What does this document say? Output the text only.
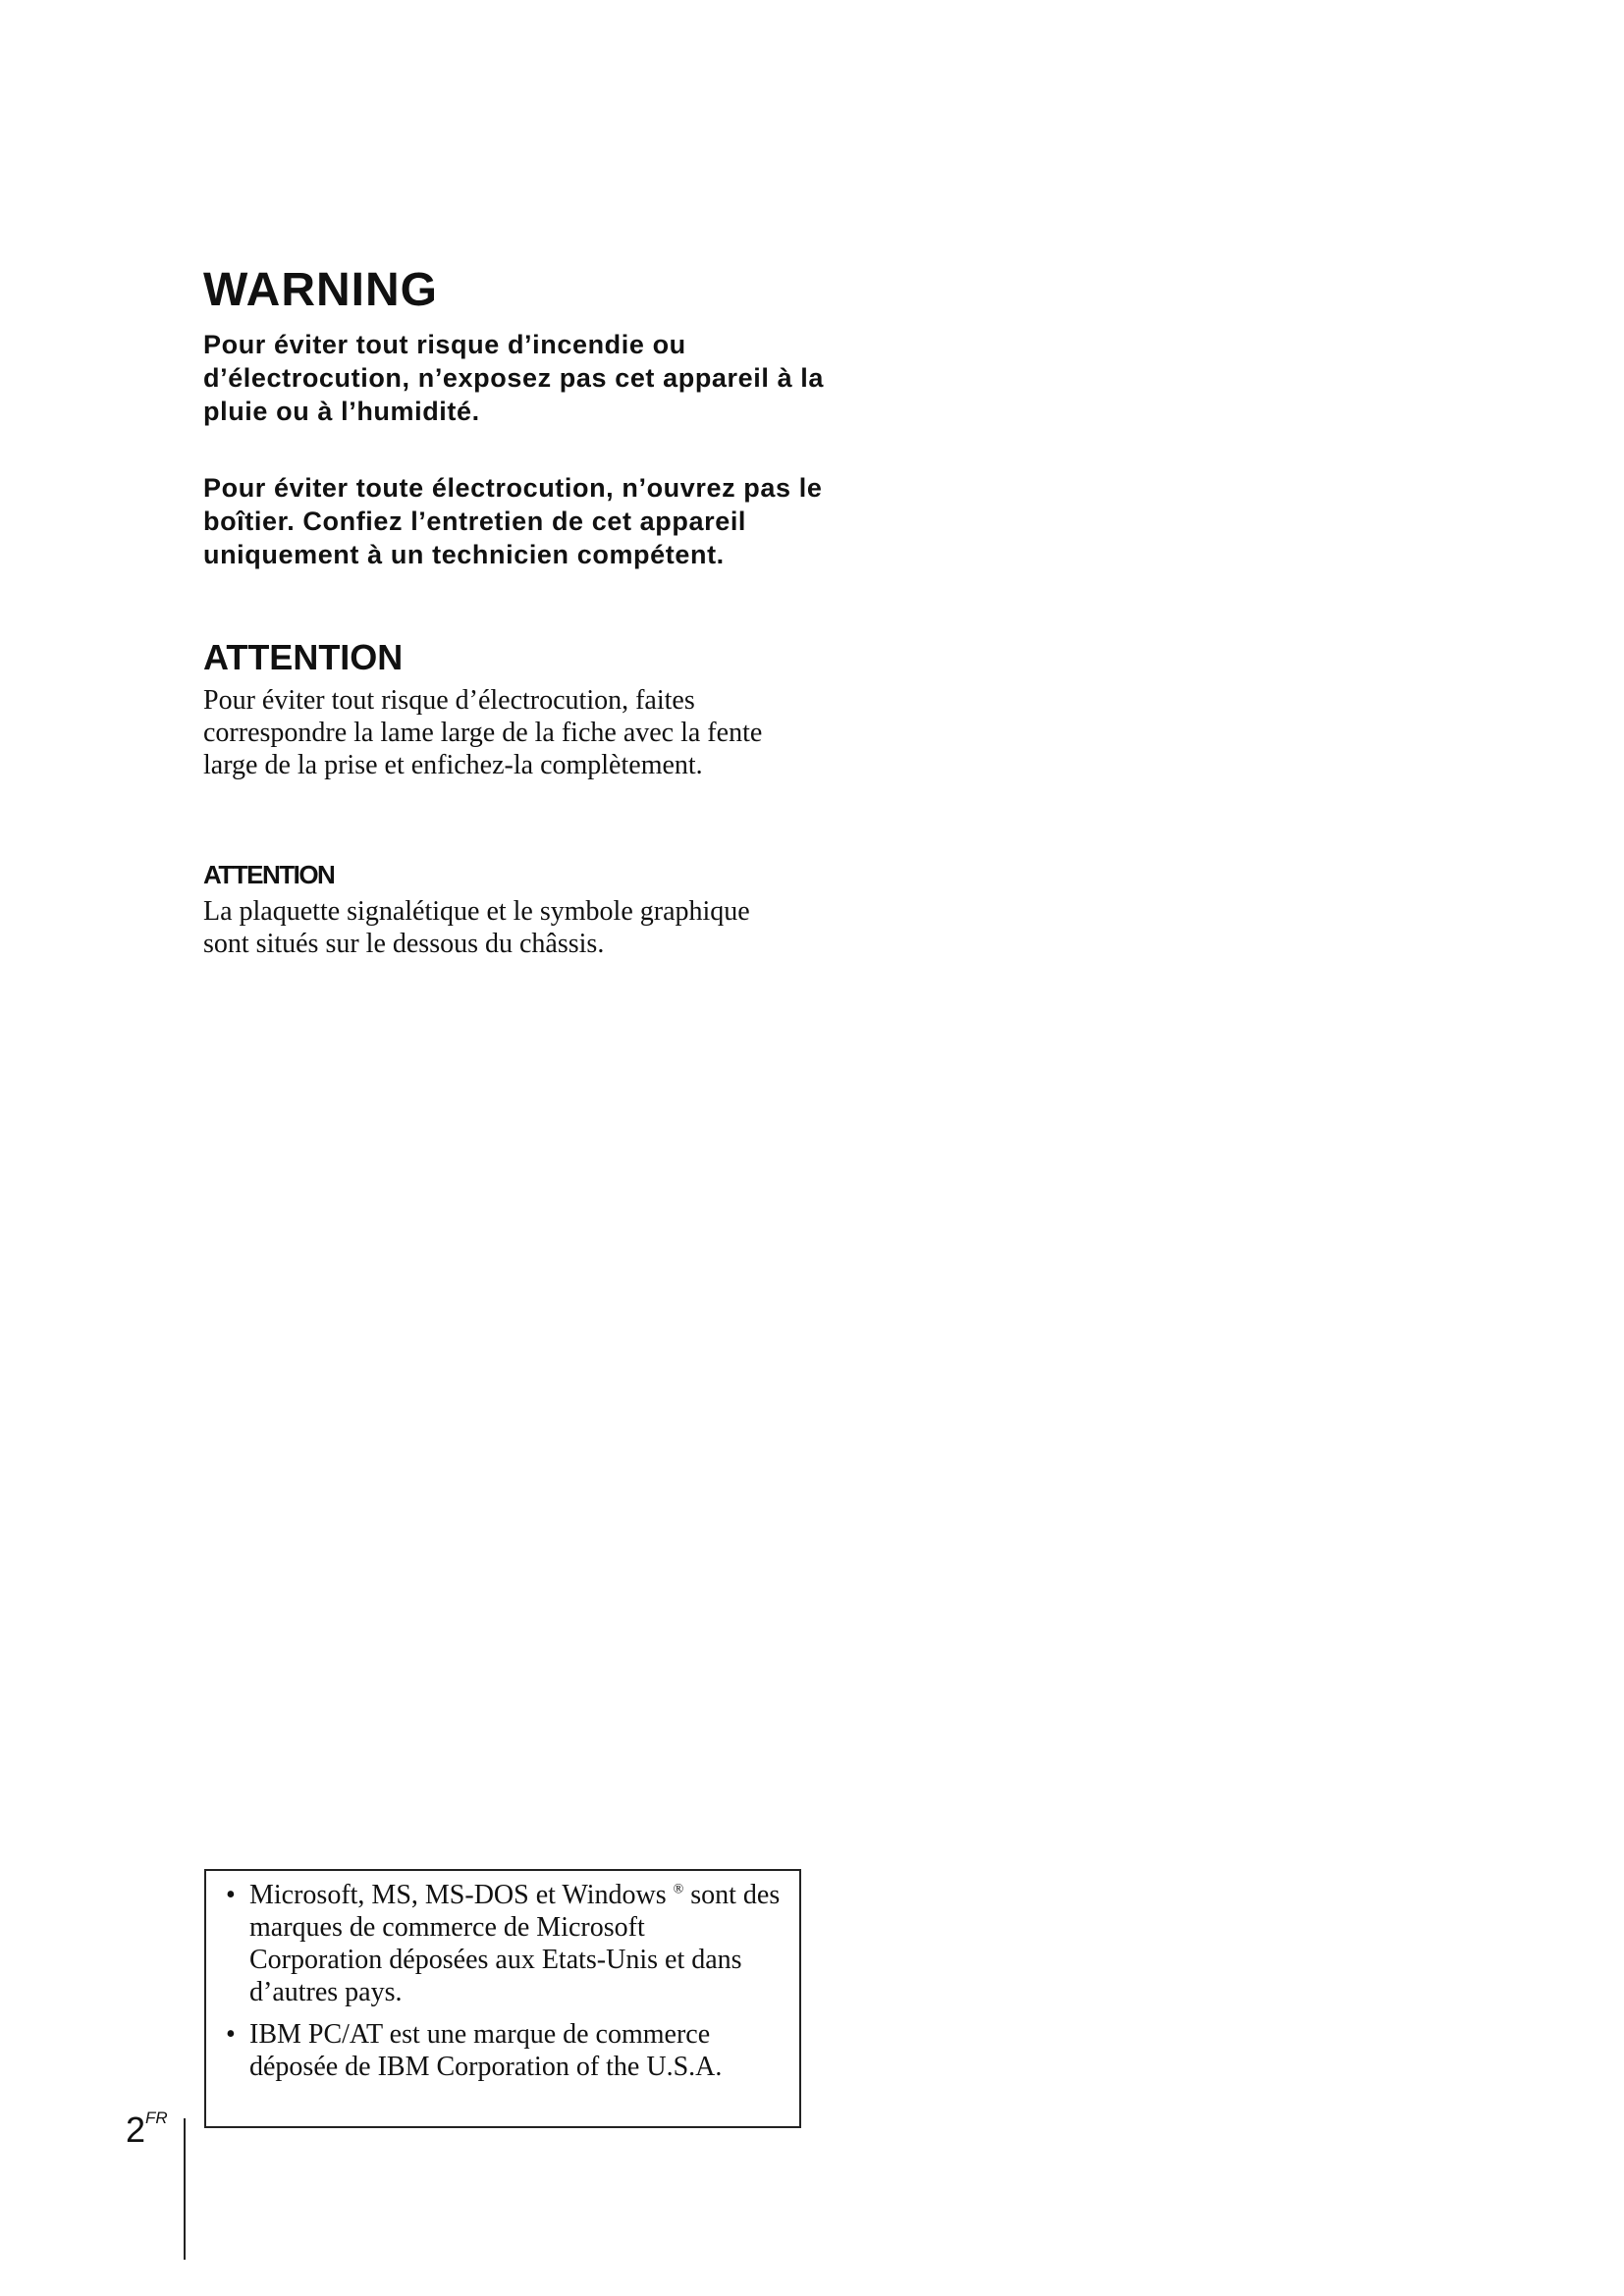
WARNING

Pour éviter tout risque d’incendie ou d’électrocution, n’exposez pas cet appareil à la pluie ou à l’humidité.

Pour éviter toute électrocution, n’ouvrez pas le boîtier. Confiez l’entretien de cet appareil uniquement à un technicien compétent.

ATTENTION

Pour éviter tout risque d’électrocution, faites correspondre la lame large de la fiche avec la fente large de la prise et enfichez-la complètement.

ATTENTION

La plaquette signalétique et le symbole graphique sont situés sur le dessous du châssis.

• Microsoft, MS, MS-DOS et Windows ® sont des marques de commerce de Microsoft Corporation déposées aux Etats-Unis et dans d’autres pays.
• IBM PC/AT est une marque de commerce déposée de IBM Corporation of the U.S.A.
$2^{FR}$
